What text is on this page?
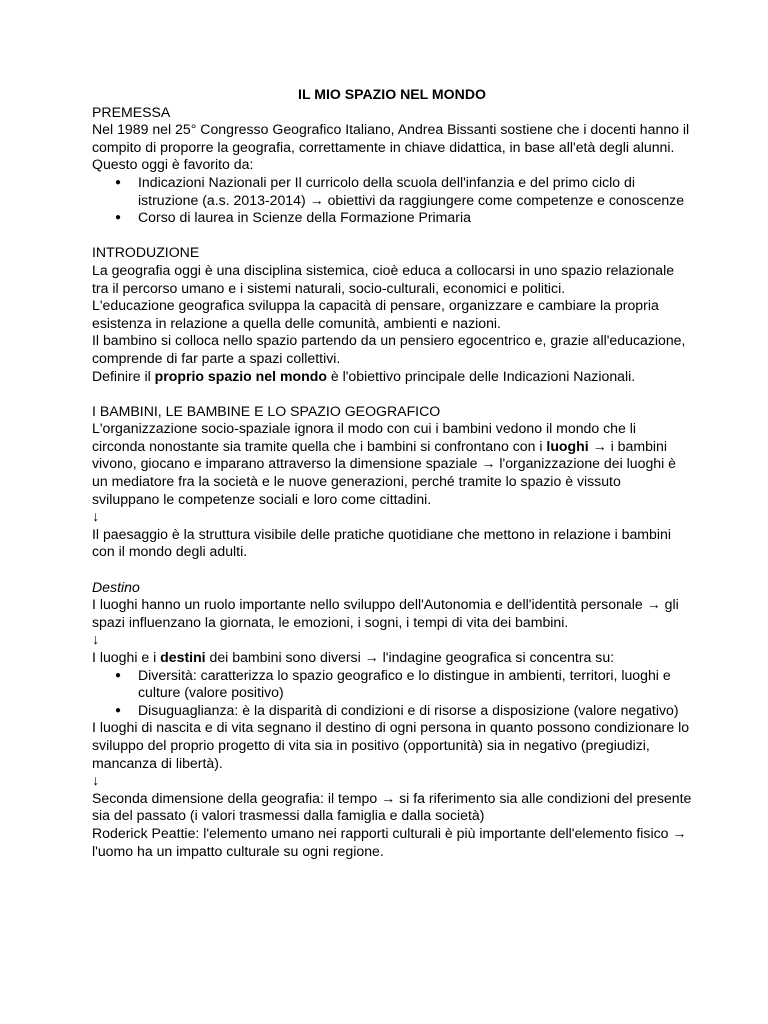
IL MIO SPAZIO NEL MONDO

PREMESSA

Nel 1989 nel 25° Congresso Geografico Italiano, Andrea Bissanti sostiene che i docenti hanno il compito di proporre la geografia, correttamente in chiave didattica, in base all'età degli alunni.

Questo oggi è favorito da:

● Indicazioni Nazionali per Il curricolo della scuola dell'infanzia e del primo ciclo di istruzione (a.s. 2013-2014) → obiettivi da raggiungere come competenze e conoscenze
● Corso di laurea in Scienze della Formazione Primaria

INTRODUZIONE

La geografia oggi è una disciplina sistemica, cioè educa a collocarsi in uno spazio relazionale tra il percorso umano e i sistemi naturali, socio-culturali, economici e politici.

L'educazione geografica sviluppa la capacità di pensare, organizzare e cambiare la propria esistenza in relazione a quella delle comunità, ambienti e nazioni.

Il bambino si colloca nello spazio partendo da un pensiero egocentrico e, grazie all'educazione, comprende di far parte a spazi collettivi.

Definire il proprio spazio nel mondo è l'obiettivo principale delle Indicazioni Nazionali.

I BAMBINI, LE BAMBINE E LO SPAZIO GEOGRAFICO

L'organizzazione socio-spaziale ignora il modo con cui i bambini vedono il mondo che li circonda nonostante sia tramite quella che i bambini si confrontano con i luoghi → i bambini vivono, giocano e imparano attraverso la dimensione spaziale → l'organizzazione dei luoghi è un mediatore fra la società e le nuove generazioni, perché tramite lo spazio è vissuto sviluppano le competenze sociali e loro come cittadini.

↓

Il paesaggio è la struttura visibile delle pratiche quotidiane che mettono in relazione i bambini con il mondo degli adulti.

Destino

I luoghi hanno un ruolo importante nello sviluppo dell'Autonomia e dell'identità personale → gli spazi influenzano la giornata, le emozioni, i sogni, i tempi di vita dei bambini.

↓

I luoghi e i destini dei bambini sono diversi → l'indagine geografica si concentra su:

● Diversità: caratterizza lo spazio geografico e lo distingue in ambienti, territori, luoghi e culture (valore positivo)
● Disuguaglianza: è la disparità di condizioni e di risorse a disposizione (valore negativo)

I luoghi di nascita e di vita segnano il destino di ogni persona in quanto possono condizionare lo sviluppo del proprio progetto di vita sia in positivo (opportunità) sia in negativo (pregiudizi, mancanza di libertà).

↓

Seconda dimensione della geografia: il tempo → si fa riferimento sia alle condizioni del presente sia del passato (i valori trasmessi dalla famiglia e dalla società)

Roderick Peattie: l'elemento umano nei rapporti culturali è più importante dell'elemento fisico → l'uomo ha un impatto culturale su ogni regione.
